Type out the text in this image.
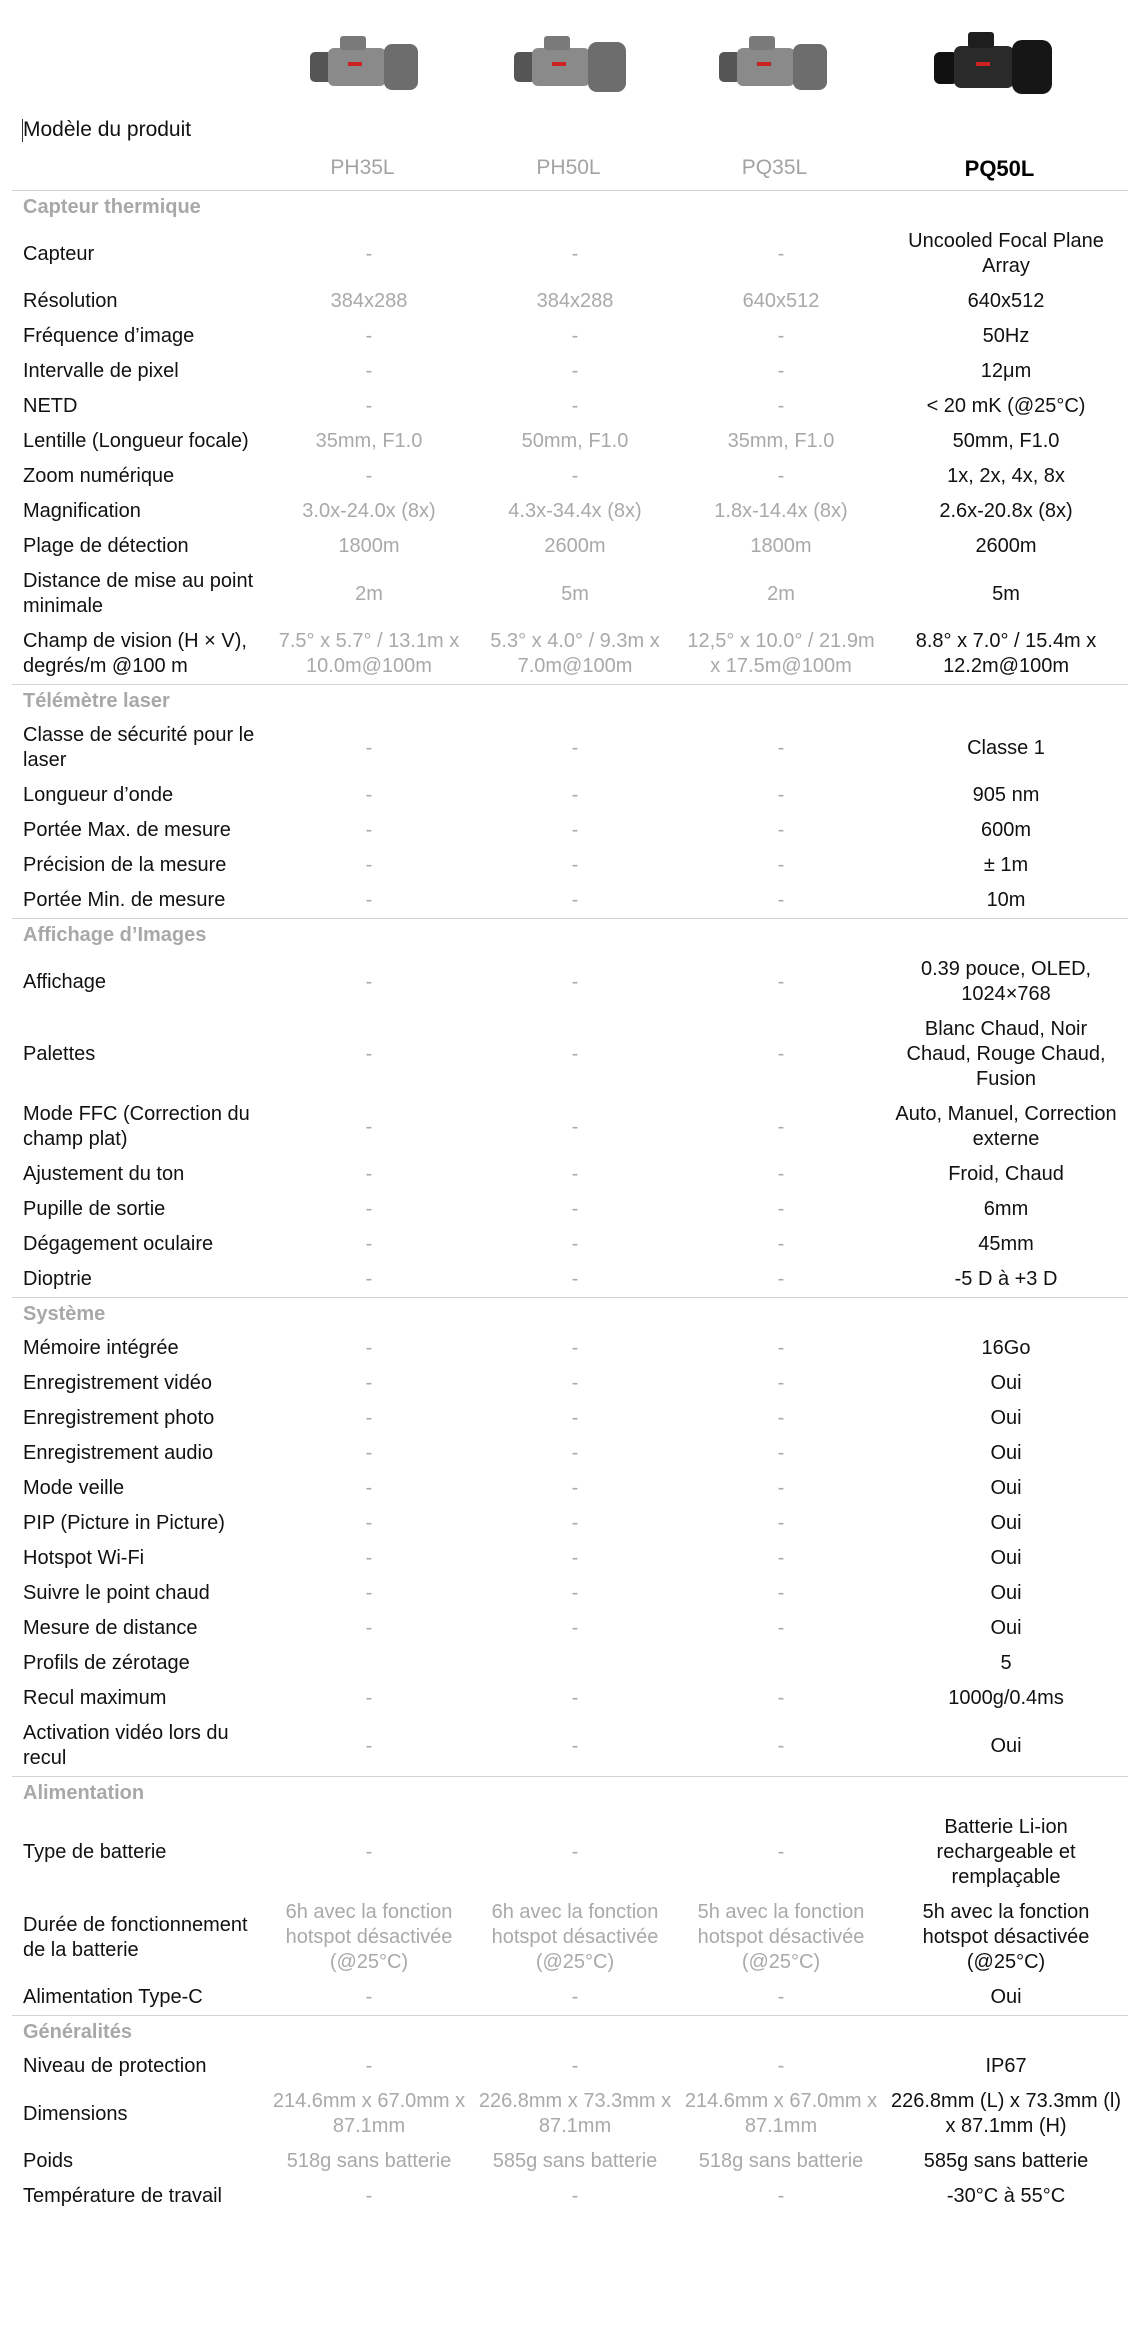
Modèle du produit
PH35L	PH50L	PQ35L	PQ50L
Capteur thermique				
Capteur	-	-	-	Uncooled Focal Plane Array
Résolution	384x288	384x288	640x512	640x512
Fréquence d’image	-	-	-	50Hz
Intervalle de pixel	-	-	-	12μm
NETD	-	-	-	< 20 mK (@25°C)
Lentille (Longueur focale)	35mm, F1.0	50mm, F1.0	35mm, F1.0	50mm, F1.0
Zoom numérique	-	-	-	1x, 2x, 4x, 8x
Magnification	3.0x-24.0x (8x)	4.3x-34.4x (8x)	1.8x-14.4x (8x)	2.6x-20.8x (8x)
Plage de détection	1800m	2600m	1800m	2600m
Distance de mise au point minimale	2m	5m	2m	5m
Champ de vision (H × V), degrés/m @100 m	7.5° x 5.7° / 13.1m x 10.0m@100m	5.3° x 4.0° / 9.3m x 7.0m@100m	12,5° x 10.0° / 21.9m x 17.5m@100m	8.8° x 7.0° / 15.4m x 12.2m@100m
Télémètre laser				
Classe de sécurité pour le laser	-	-	-	Classe 1
Longueur d’onde	-	-	-	905 nm
Portée Max. de mesure	-	-	-	600m
Précision de la mesure	-	-	-	± 1m
Portée Min. de mesure	-	-	-	10m
Affichage d’Images				
Affichage	-	-	-	0.39 pouce, OLED, 1024×768
Palettes	-	-	-	Blanc Chaud, Noir Chaud, Rouge Chaud, Fusion
Mode FFC (Correction du champ plat)	-	-	-	Auto, Manuel, Correction externe
Ajustement du ton	-	-	-	Froid, Chaud
Pupille de sortie	-	-	-	6mm
Dégagement oculaire	-	-	-	45mm
Dioptrie	-	-	-	-5 D à +3 D
Système				
Mémoire intégrée	-	-	-	16Go
Enregistrement vidéo	-	-	-	Oui
Enregistrement photo	-	-	-	Oui
Enregistrement audio	-	-	-	Oui
Mode veille	-	-	-	Oui
PIP (Picture in Picture)	-	-	-	Oui
Hotspot Wi-Fi	-	-	-	Oui
Suivre le point chaud	-	-	-	Oui
Mesure de distance	-	-	-	Oui
Profils de zérotage				5
Recul maximum	-	-	-	1000g/0.4ms
Activation vidéo lors du recul	-	-	-	Oui
Alimentation				
Type de batterie	-	-	-	Batterie Li-ion rechargeable et remplaçable
Durée de fonctionnement de la batterie	6h avec la fonction hotspot désactivée (@25°C)	6h avec la fonction hotspot désactivée (@25°C)	5h avec la fonction hotspot désactivée (@25°C)	5h avec la fonction hotspot désactivée (@25°C)
Alimentation Type-C	-	-	-	Oui
Généralités				
Niveau de protection	-	-	-	IP67
Dimensions	214.6mm x 67.0mm x 87.1mm	226.8mm x 73.3mm x 87.1mm	214.6mm x 67.0mm x 87.1mm	226.8mm (L) x 73.3mm (l) x 87.1mm (H)
Poids	518g sans batterie	585g sans batterie	518g sans batterie	585g sans batterie
Température de travail	-	-	-	-30°C à 55°C
